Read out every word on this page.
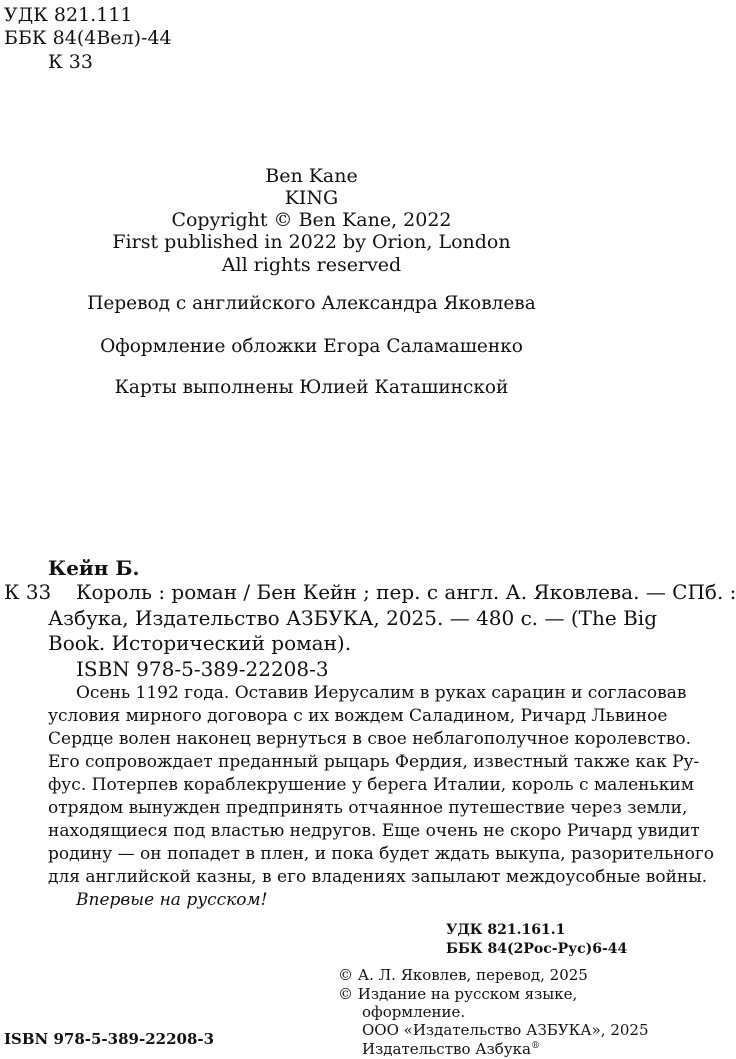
УДК 821.111
ББК 84(4Вел)-44
К 33
Ben Kane
KING
Copyright © Ben Kane, 2022
First published in 2022 by Orion, London
All rights reserved
Перевод с английского Александра Яковлева
Оформление обложки Егора Саламашенко
Карты выполнены Юлией Каташинской
Кейн Б.
К 33 Король : роман / Бен Кейн ; пер. с англ. А. Яковлева. — СПб. :
Азбука, Издательство АЗБУКА, 2025. — 480 с. — (The Big
Book. Исторический роман).
ISBN 978-5-389-22208-3
Осень 1192 года. Оставив Иерусалим в руках сарацин и согласовав
условия мирного договора с их вождем Саладином, Ричард Львиное
Сердце волен наконец вернуться в свое неблагополучное королевство.
Его сопровождает преданный рыцарь Фердия, известный также как Ру-
фус. Потерпев кораблекрушение у берега Италии, король с маленьким
отрядом вынужден предпринять отчаянное путешествие через земли,
находящиеся под властью недругов. Еще очень не скоро Ричард увидит
родину — он попадет в плен, и пока будет ждать выкупа, разорительного
для английской казны, в его владениях запылают междоусобные войны.
Впервые на русском!
УДК 821.161.1
ББК 84(2Рос-Рус)6-44
© А. Л. Яковлев, перевод, 2025
© Издание на русском языке,
оформление.
ООО «Издательство АЗБУКА», 2025
Издательство Азбука®
ISBN 978-5-389-22208-3
